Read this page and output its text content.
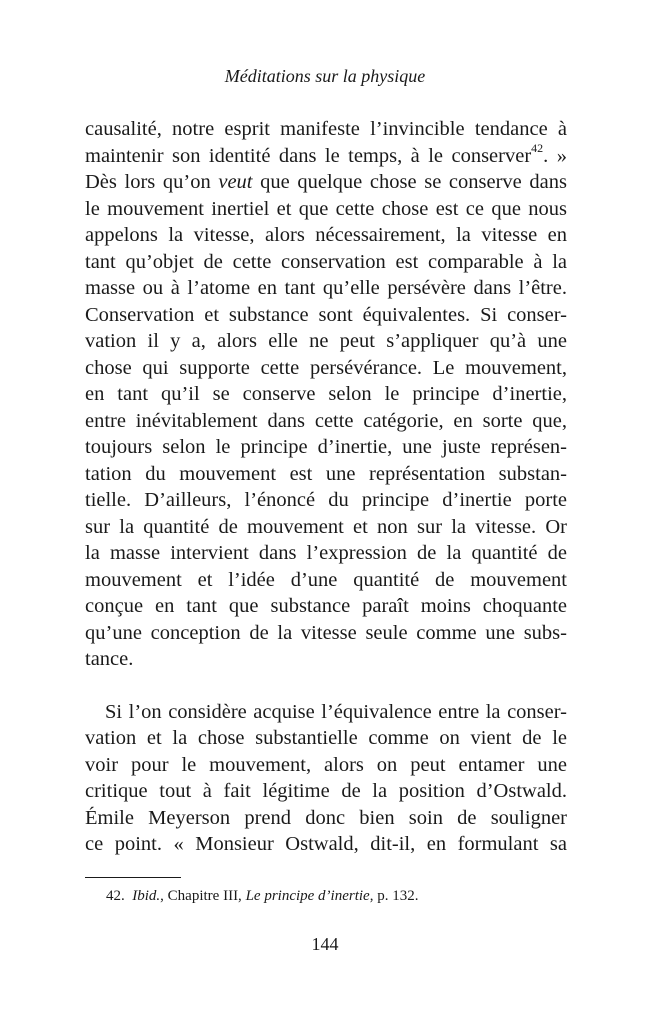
Méditations sur la physique

causalité, notre esprit manifeste l’invincible tendance à

maintenir son identité dans le temps, à le conserver$^{42}$. »

Dès lors qu’on veut que quelque chose se conserve dans

le mouvement inertiel et que cette chose est ce que nous

appelons la vitesse, alors nécessairement, la vitesse en

tant qu’objet de cette conservation est comparable à la

masse ou à l’atome en tant qu’elle persévère dans l’être.

Conservation et substance sont équivalentes. Si conser-

vation il y a, alors elle ne peut s’appliquer qu’à une

chose qui supporte cette persévérance. Le mouvement,

en tant qu’il se conserve selon le principe d’inertie,

entre inévitablement dans cette catégorie, en sorte que,

toujours selon le principe d’inertie, une juste représen-

tation du mouvement est une représentation substan-

tielle. D’ailleurs, l’énoncé du principe d’inertie porte

sur la quantité de mouvement et non sur la vitesse. Or

la masse intervient dans l’expression de la quantité de

mouvement et l’idée d’une quantité de mouvement

conçue en tant que substance paraît moins choquante

qu’une conception de la vitesse seule comme une subs-

tance.

Si l’on considère acquise l’équivalence entre la conser-

vation et la chose substantielle comme on vient de le

voir pour le mouvement, alors on peut entamer une

critique tout à fait légitime de la position d’Ostwald.

Émile Meyerson prend donc bien soin de souligner

ce point. « Monsieur Ostwald, dit-il, en formulant sa

42. Ibid., Chapitre III, Le principe d’inertie, p. 132.
144
